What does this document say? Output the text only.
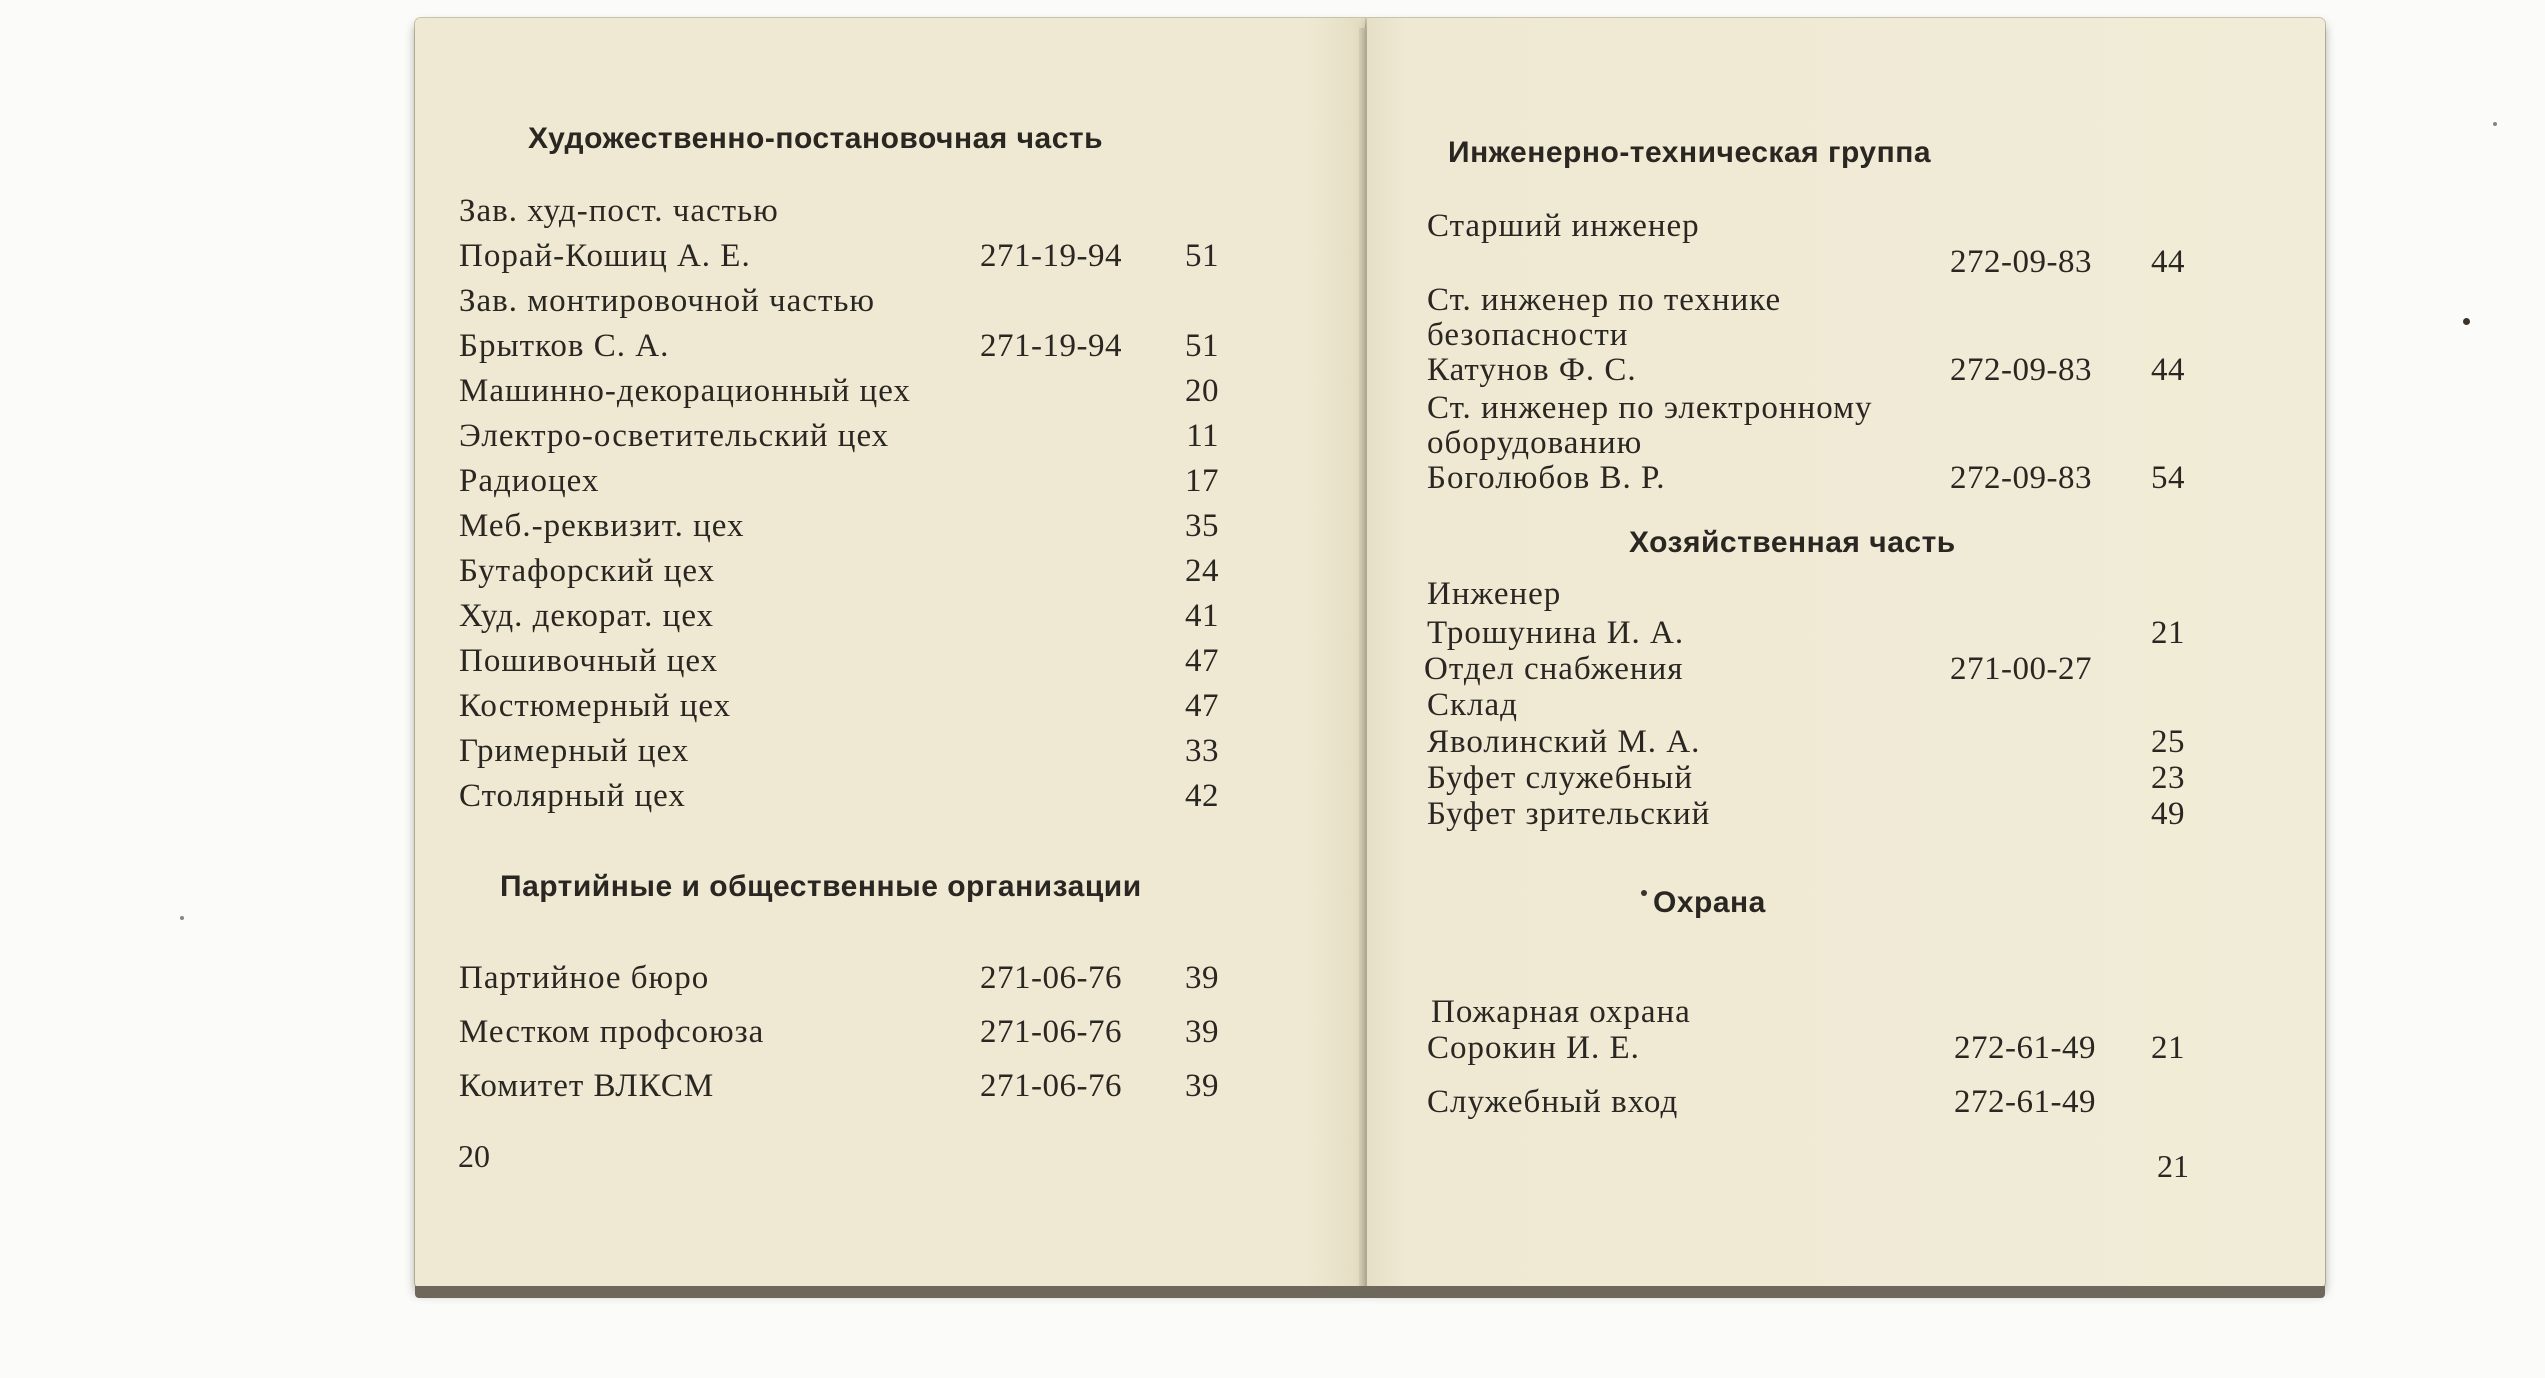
Художественно-постановочная часть
Зав. худ-пост. частью
Порай-Кошиц А. Е.	271-19-94	51
Зав. монтировочной частью
Брытков С. А.	271-19-94	51
Машинно-декорационный цех	20
Электро-осветительский цех	11
Радиоцех	17
Меб.-реквизит. цех	35
Бутафорский цех	24
Худ. декорат. цех	41
Пошивочный цех	47
Костюмерный цех	47
Гримерный цех	33
Столярный цех	42
Партийные и общественные организации
Партийное бюро	271-06-76	39
Местком профсоюза	271-06-76	39
Комитет ВЛКСМ	271-06-76	39
20
Инженерно-техническая группа
Старший инженер
272-09-83	44
Ст. инженер по технике
безопасности
Катунов Ф. С.	272-09-83	44
Ст. инженер по электронному
оборудованию
Боголюбов В. Р.	272-09-83	54
Хозяйственная часть
Инженер
Трошунина И. А.	21
Отдел снабжения	271-00-27
Склад
Яволинский М. А.	25
Буфет служебный	23
Буфет зрительский	49
Охрана
Пожарная охрана
Сорокин И. Е.	272-61-49	21
Служебный вход	272-61-49
21
